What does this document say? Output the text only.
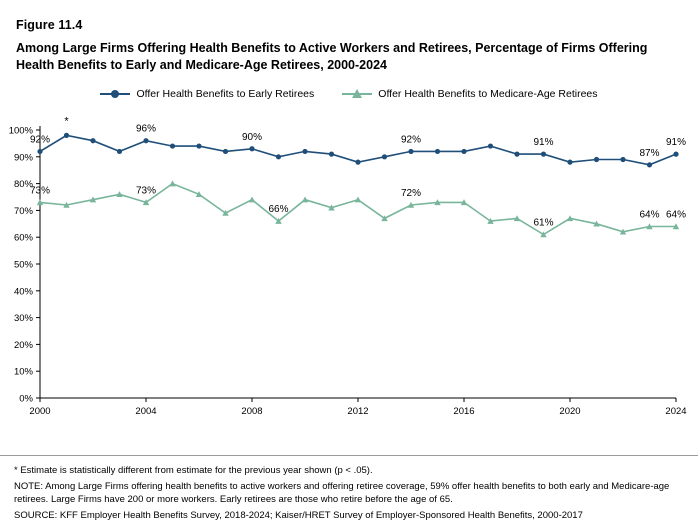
Figure 11.4
Among Large Firms Offering Health Benefits to Active Workers and Retirees, Percentage of Firms Offering Health Benefits to Early and Medicare-Age Retirees, 2000-2024
Offer Health Benefits to Early Retirees	Offer Health Benefits to Medicare-Age Retirees
0%
10%
20%
30%
40%
50%
60%
70%
80%
90%
100%
2000	2004	2008	2012	2016	2020	2024
92%
96%
90%	92%	91%
87%
91%
*
73%	73%
66%
72%
61%
64% 64%
* Estimate is statistically different from estimate for the previous year shown (p < .05).
NOTE: Among Large Firms offering health benefits to active workers and offering retiree coverage, 59% offer health benefits to both early and Medicare-age retirees. Large Firms have 200 or more workers. Early retirees are those who retire before the age of 65.
SOURCE: KFF Employer Health Benefits Survey, 2018-2024; Kaiser/HRET Survey of Employer-Sponsored Health Benefits, 2000-2017
